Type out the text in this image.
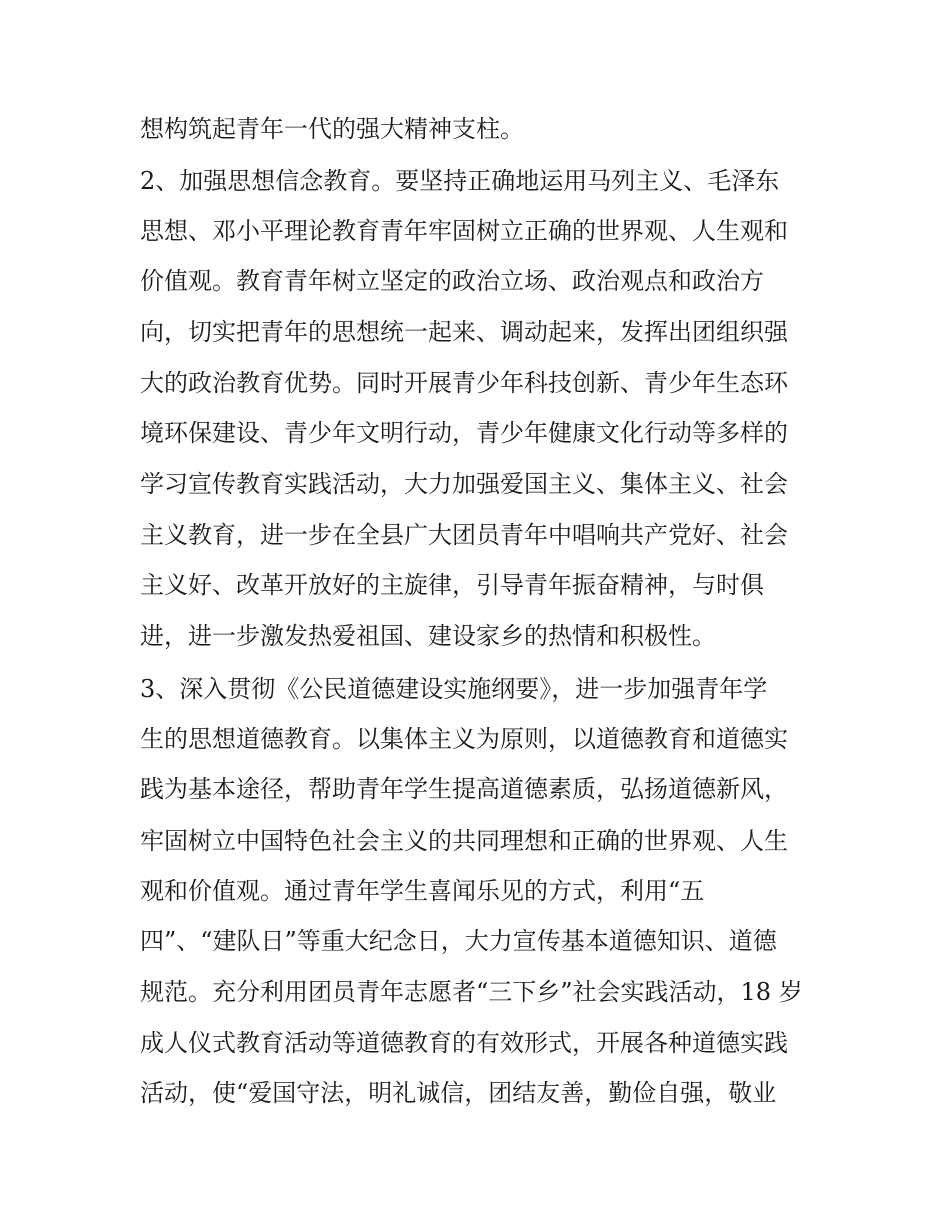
想构筑起青年一代的强大精神支柱。
2、加强思想信念教育。要坚持正确地运用马列主义、毛泽东
思想、邓小平理论教育青年牢固树立正确的世界观、人生观和
价值观。教育青年树立坚定的政治立场、政治观点和政治方
向，切实把青年的思想统一起来、调动起来，发挥出团组织强
大的政治教育优势。同时开展青少年科技创新、青少年生态环
境环保建设、青少年文明行动，青少年健康文化行动等多样的
学习宣传教育实践活动，大力加强爱国主义、集体主义、社会
主义教育，进一步在全县广大团员青年中唱响共产党好、社会
主义好、改革开放好的主旋律，引导青年振奋精神，与时俱
进，进一步激发热爱祖国、建设家乡的热情和积极性。
3、深入贯彻《公民道德建设实施纲要》，进一步加强青年学
生的思想道德教育。以集体主义为原则，以道德教育和道德实
践为基本途径，帮助青年学生提高道德素质，弘扬道德新风，
牢固树立中国特色社会主义的共同理想和正确的世界观、人生
观和价值观。通过青年学生喜闻乐见的方式，利用“五
四”、“建队日”等重大纪念日，大力宣传基本道德知识、道德
规范。充分利用团员青年志愿者“三下乡”社会实践活动，18 岁
成人仪式教育活动等道德教育的有效形式，开展各种道德实践
活动，使“爱国守法，明礼诚信，团结友善，勤俭自强，敬业
